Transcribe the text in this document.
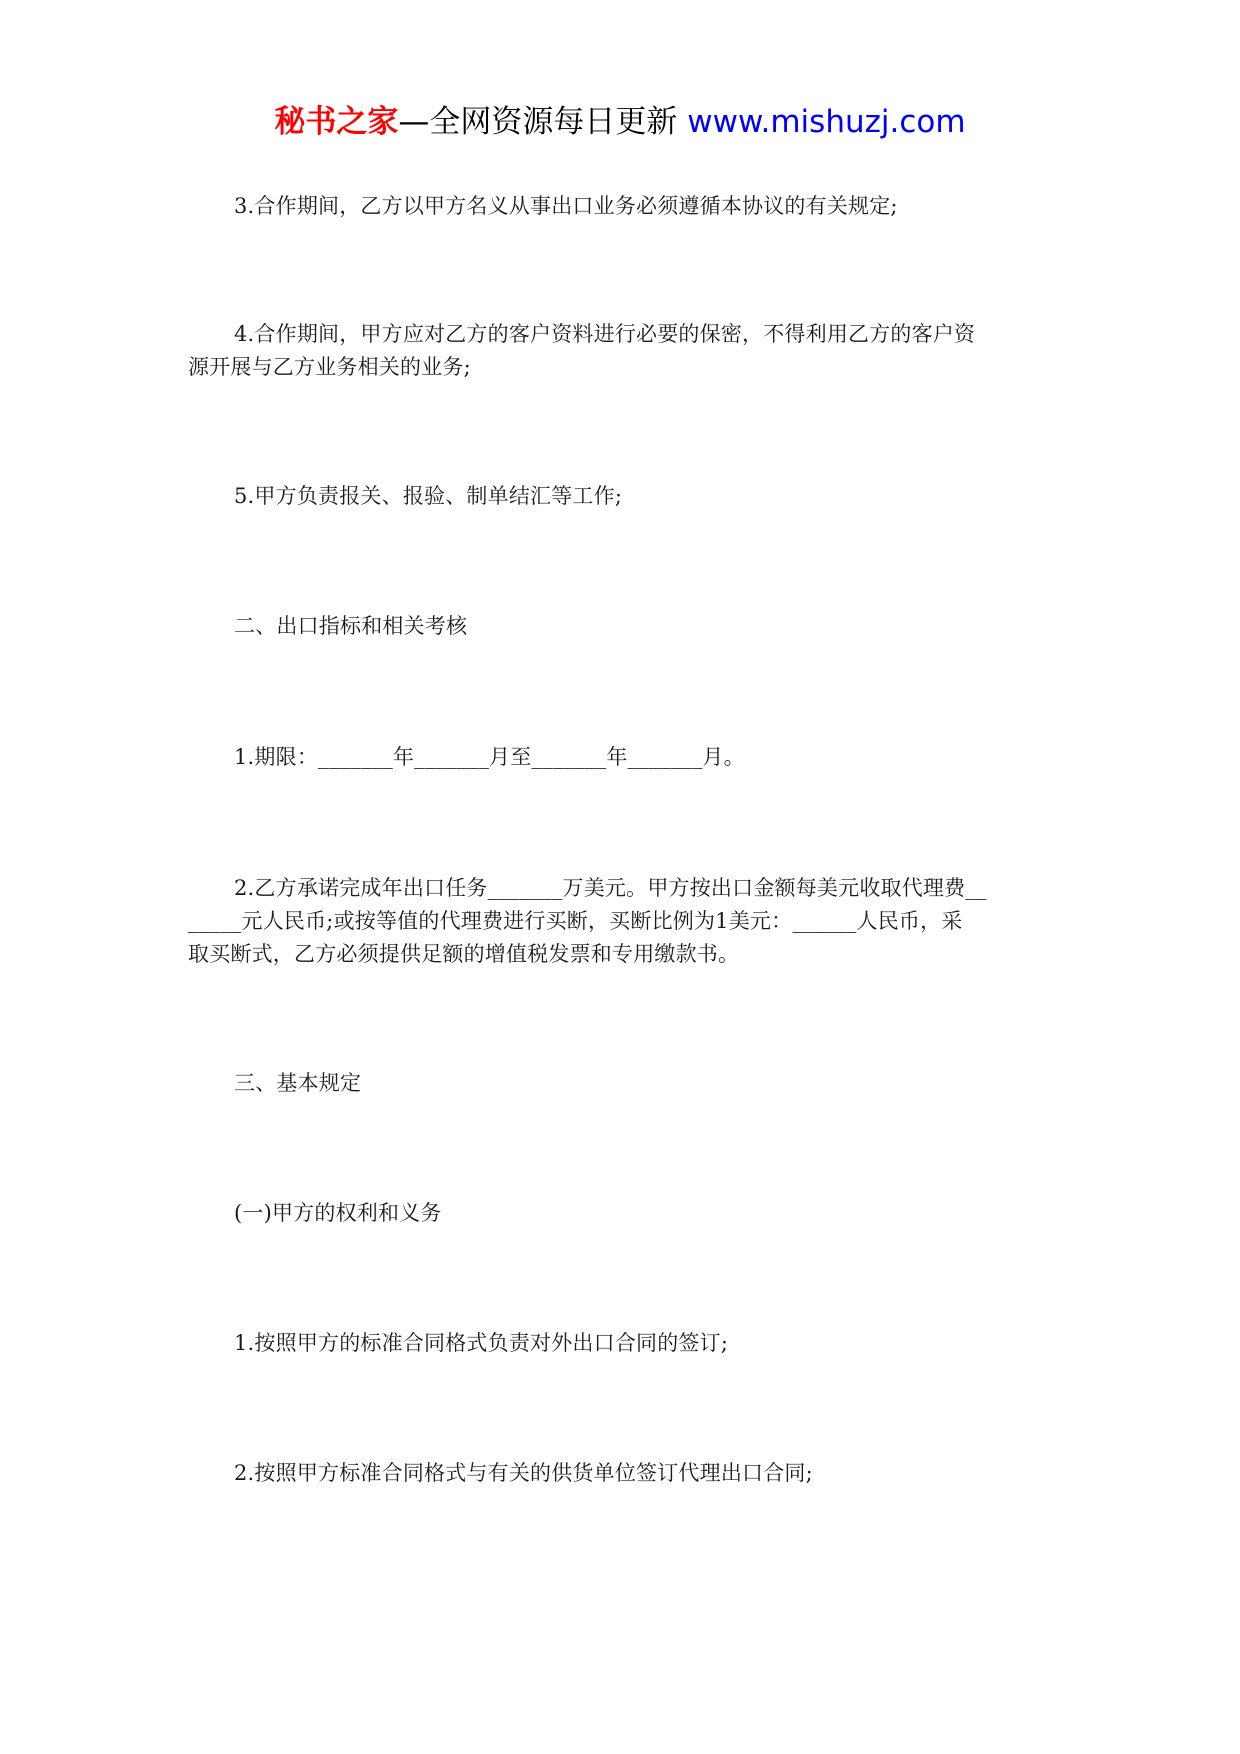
秘书之家—全网资源每日更新 www.mishuzj.com

3.合作期间，乙方以甲方名义从事出口业务必须遵循本协议的有关规定;

4.合作期间，甲方应对乙方的客户资料进行必要的保密，不得利用乙方的客户资
源开展与乙方业务相关的业务;

5.甲方负责报关、报验、制单结汇等工作;

二、出口指标和相关考核

1.期限：_______年_______月至_______年_______月。

2.乙方承诺完成年出口任务_______万美元。甲方按出口金额每美元收取代理费__
_____元人民币;或按等值的代理费进行买断，买断比例为1美元：______人民币，采
取买断式，乙方必须提供足额的增值税发票和专用缴款书。

三、基本规定

(一)甲方的权利和义务

1.按照甲方的标准合同格式负责对外出口合同的签订;

2.按照甲方标准合同格式与有关的供货单位签订代理出口合同;
